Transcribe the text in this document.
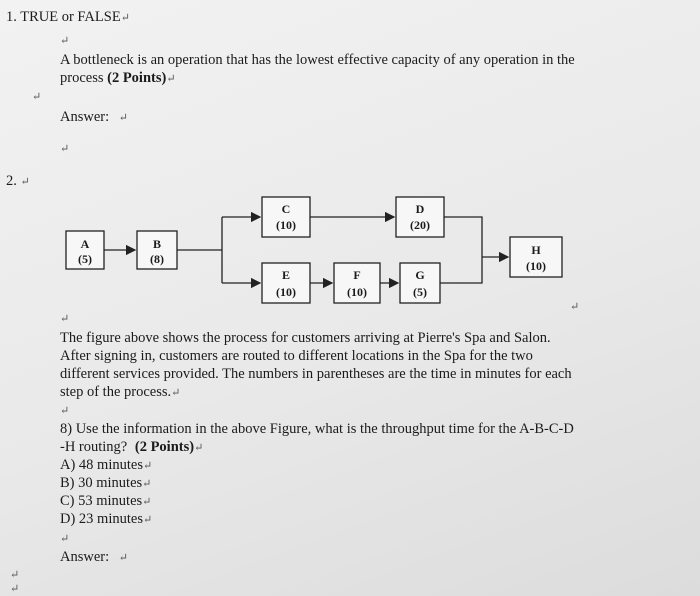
1. TRUE or FALSE↵
↵
A bottleneck is an operation that has the lowest effective capacity of any operation in the
process (2 Points)↵
↵
Answer: ↵
↵
2. ↵
A
(5)
B
(8)
C
(10)
D
(20)
E
(10)
F
(10)
G
(5)
H
(10)
↵
↵
The figure above shows the process for customers arriving at Pierre's Spa and Salon.
After signing in, customers are routed to different locations in the Spa for the two
different services provided. The numbers in parentheses are the time in minutes for each
step of the process.↵
↵
8) Use the information in the above Figure, what is the throughput time for the A-B-C-D
-H routing? (2 Points)↵
A) 48 minutes↵
B) 30 minutes↵
C) 53 minutes↵
D) 23 minutes↵
↵
Answer: ↵
↵
↵
